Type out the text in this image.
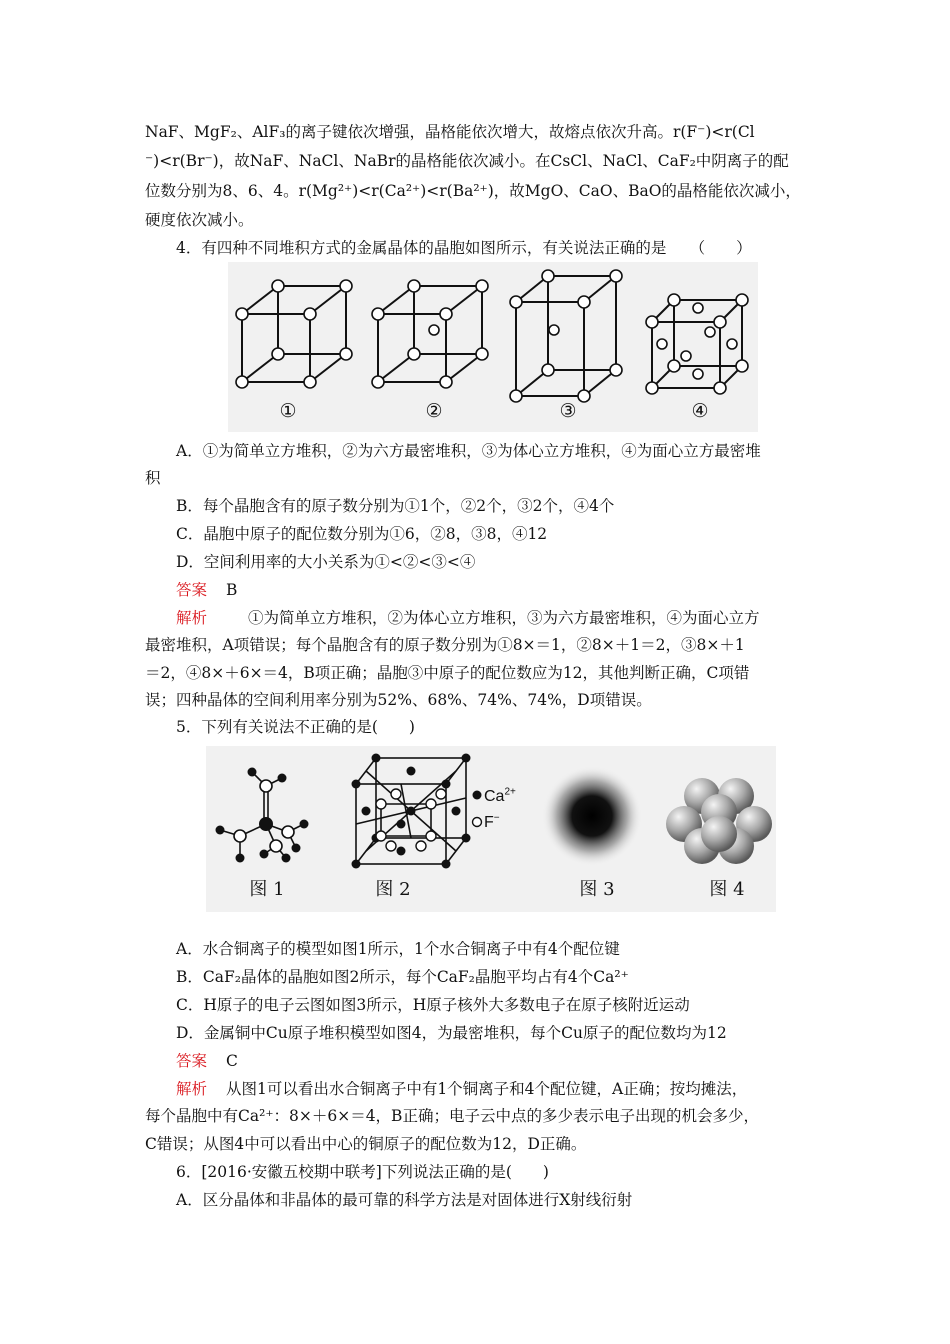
NaF、MgF₂、AlF₃的离子键依次增强，晶格能依次增大，故熔点依次升高。r(F⁻)<r(Cl
⁻)<r(Br⁻)，故NaF、NaCl、NaBr的晶格能依次减小。在CsCl、NaCl、CaF₂中阴离子的配
位数分别为8、6、4。r(Mg²⁺)<r(Ca²⁺)<r(Ba²⁺)，故MgO、CaO、BaO的晶格能依次减小，
硬度依次减小。
4．有四种不同堆积方式的金属晶体的晶胞如图所示，有关说法正确的是　　（　　）
①	②	③	④
A．①为简单立方堆积，②为六方最密堆积，③为体心立方堆积，④为面心立方最密堆
积
B．每个晶胞含有的原子数分别为①1个，②2个，③2个，④4个
C．晶胞中原子的配位数分别为①6，②8，③8，④12
D．空间利用率的大小关系为①<②<③<④
答案 B
解析	①为简单立方堆积，②为体心立方堆积，③为六方最密堆积，④为面心立方
最密堆积，A项错误；每个晶胞含有的原子数分别为①8×＝1，②8×＋1＝2，③8×＋1
＝2，④8×＋6×＝4，B项正确；晶胞③中原子的配位数应为12，其他判断正确，C项错
误；四种晶体的空间利用率分别为52%、68%、74%、74%，D项错误。
5．下列有关说法不正确的是(　　)
$Ca^{2+}$
F−
图 1	图 2	图 3	图 4
A．水合铜离子的模型如图1所示，1个水合铜离子中有4个配位键
B．CaF₂晶体的晶胞如图2所示，每个CaF₂晶胞平均占有4个Ca²⁺
C．H原子的电子云图如图3所示，H原子核外大多数电子在原子核附近运动
D．金属铜中Cu原子堆积模型如图4，为最密堆积，每个Cu原子的配位数均为12
答案 C
解析 从图1可以看出水合铜离子中有1个铜离子和4个配位键，A正确；按均摊法，
每个晶胞中有Ca²⁺：8×＋6×＝4，B正确；电子云中点的多少表示电子出现的机会多少，
C错误；从图4中可以看出中心的铜原子的配位数为12，D正确。
6．[2016·安徽五校期中联考]下列说法正确的是(　　)
A．区分晶体和非晶体的最可靠的科学方法是对固体进行X射线衍射
